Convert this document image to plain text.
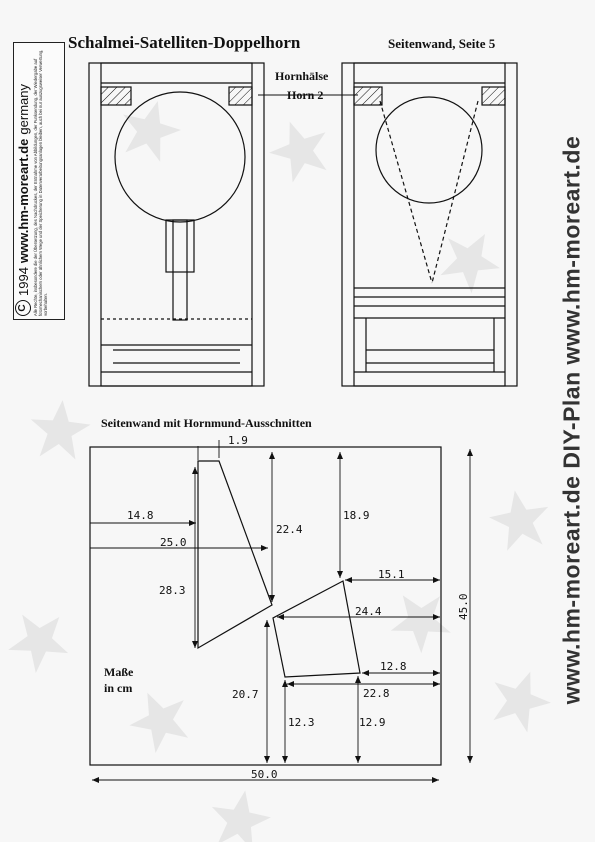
Schalmei-Satelliten-Doppelhorn	Seitenwand, Seite 5
C
1994
www.hm-moreart.de
germany Alle Rechte, insbesondere die der Übersetzung, des Nachdruckes, der Entnahme von Abbildungen, der Funksendung, der Wiedergabe auf fotomechanischem oder ähnlichem Wege und der Speicherung in Datenverarbeitungsanlagen bleiben, auch bei nur auszugsweiser Verwertung, vorbehalten.	www.hm-moreart.de DIY-Plan www.hm-moreart.de
Hornhälse
Horn 2
Seitenwand mit Hornmund-Ausschnitten
1.9
14.8
25.0
28.3
22.4
18.9
15.1
24.4
12.8
22.8
20.7
12.3	12.9
50.0
45.0
Maße
in cm
